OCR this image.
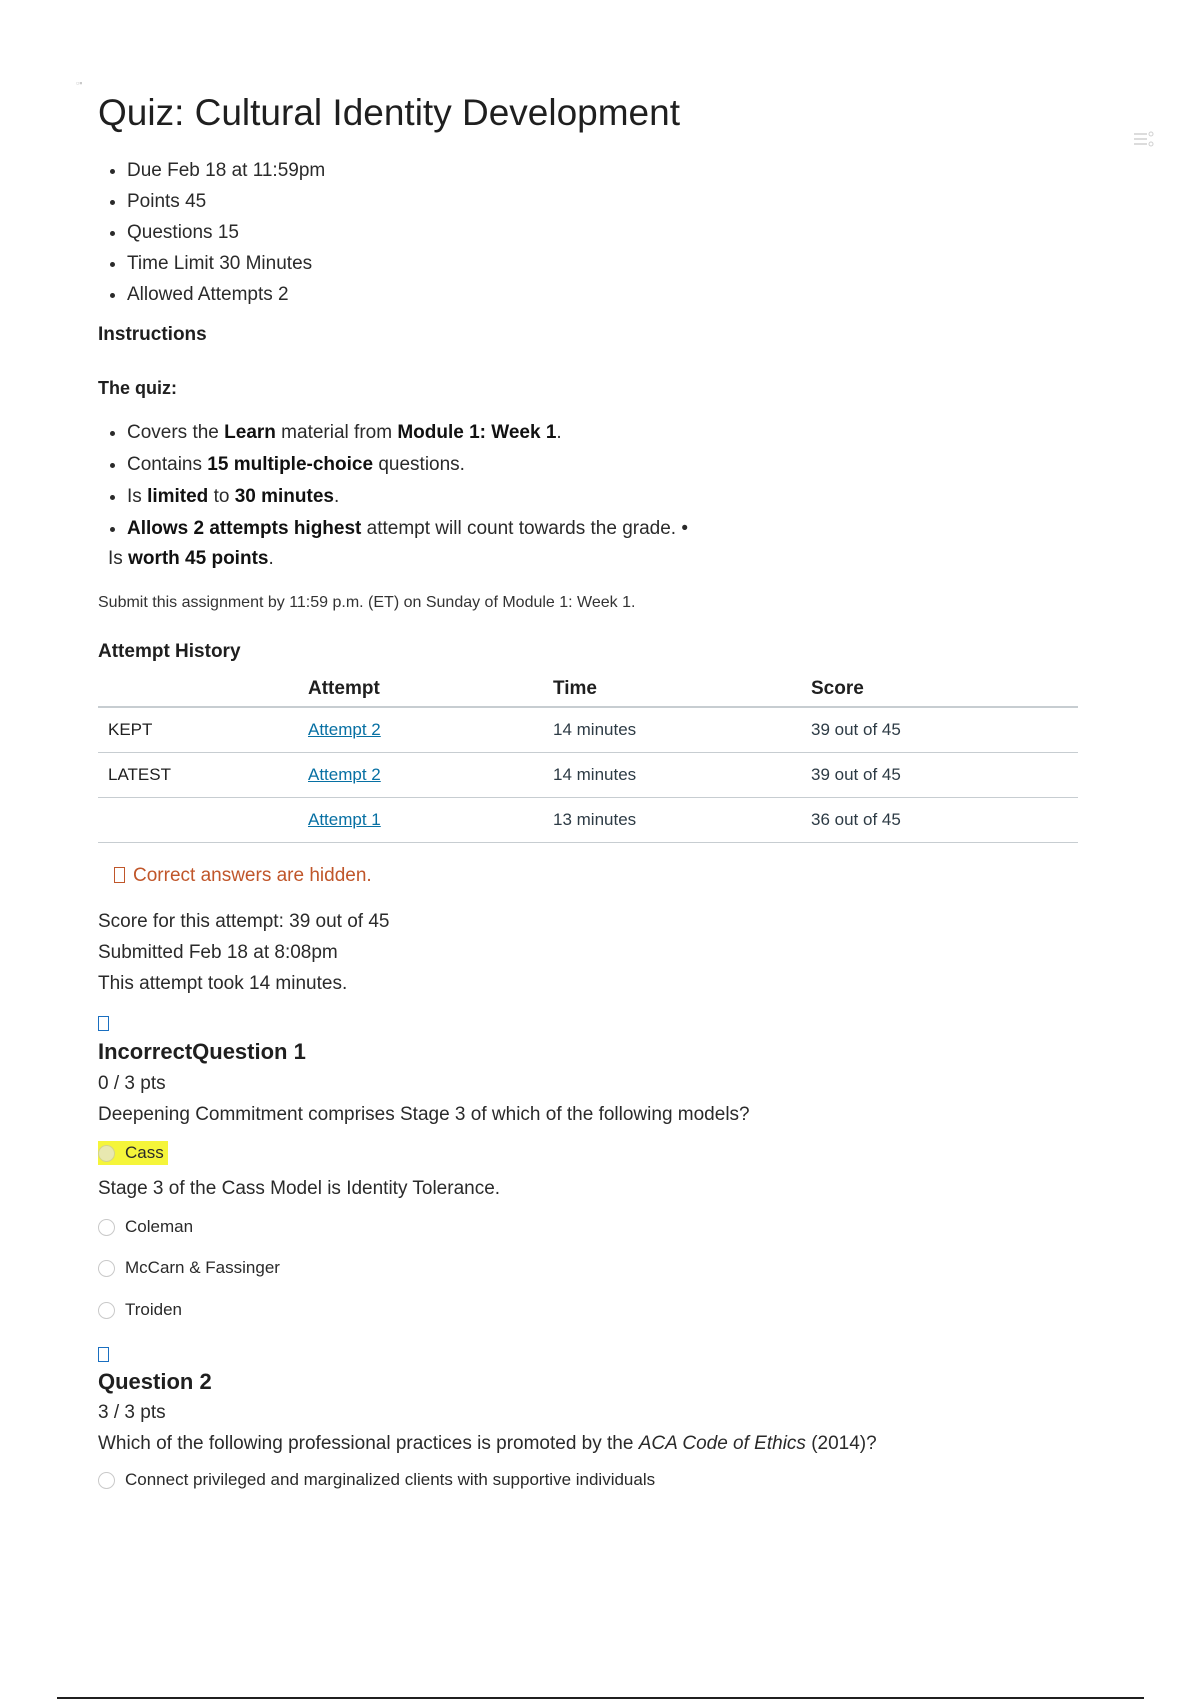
▫▪
Quiz: Cultural Identity Development
• Due Feb 18 at 11:59pm
• Points 45
• Questions 15
• Time Limit 30 Minutes
• Allowed Attempts 2
Instructions
The quiz:
• Covers the Learn material from Module 1: Week 1.
• Contains 15 multiple-choice questions.
• Is limited to 30 minutes.
• Allows 2 attempts highest attempt will count towards the grade. •
Is worth 45 points.
Submit this assignment by 11:59 p.m. (ET) on Sunday of Module 1: Week 1.
Attempt History
	Attempt	Time	Score
KEPT	Attempt 2	14 minutes	39 out of 45
LATEST	Attempt 2	14 minutes	39 out of 45
	Attempt 1	13 minutes	36 out of 45
Correct answers are hidden.
Score for this attempt: 39 out of 45
Submitted Feb 18 at 8:08pm
This attempt took 14 minutes.
IncorrectQuestion 1
0 / 3 pts
Deepening Commitment comprises Stage 3 of which of the following models?
Cass
Stage 3 of the Cass Model is Identity Tolerance.
Coleman
McCarn & Fassinger
Troiden
Question 2
3 / 3 pts
Which of the following professional practices is promoted by the ACA Code of Ethics (2014)?
Connect privileged and marginalized clients with supportive individuals
